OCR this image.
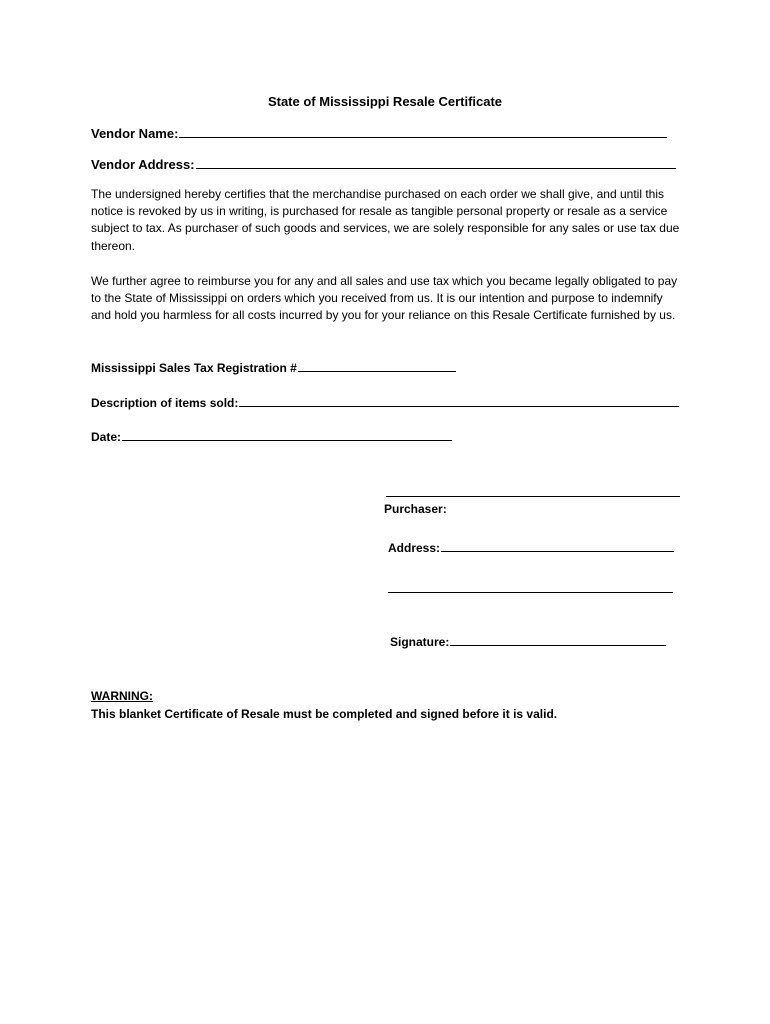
State of Mississippi Resale Certificate
Vendor Name:
Vendor Address:
The undersigned hereby certifies that the merchandise purchased on each order we shall give, and until this notice is revoked by us in writing, is purchased for resale as tangible personal property or resale as a service subject to tax. As purchaser of such goods and services, we are solely responsible for any sales or use tax due thereon.
We further agree to reimburse you for any and all sales and use tax which you became legally obligated to pay to the State of Mississippi on orders which you received from us. It is our intention and purpose to indemnify and hold you harmless for all costs incurred by you for your reliance on this Resale Certificate furnished by us.
Mississippi Sales Tax Registration #
Description of items sold:
Date:
Purchaser:
Address:
Signature:
WARNING:
This blanket Certificate of Resale must be completed and signed before it is valid.
